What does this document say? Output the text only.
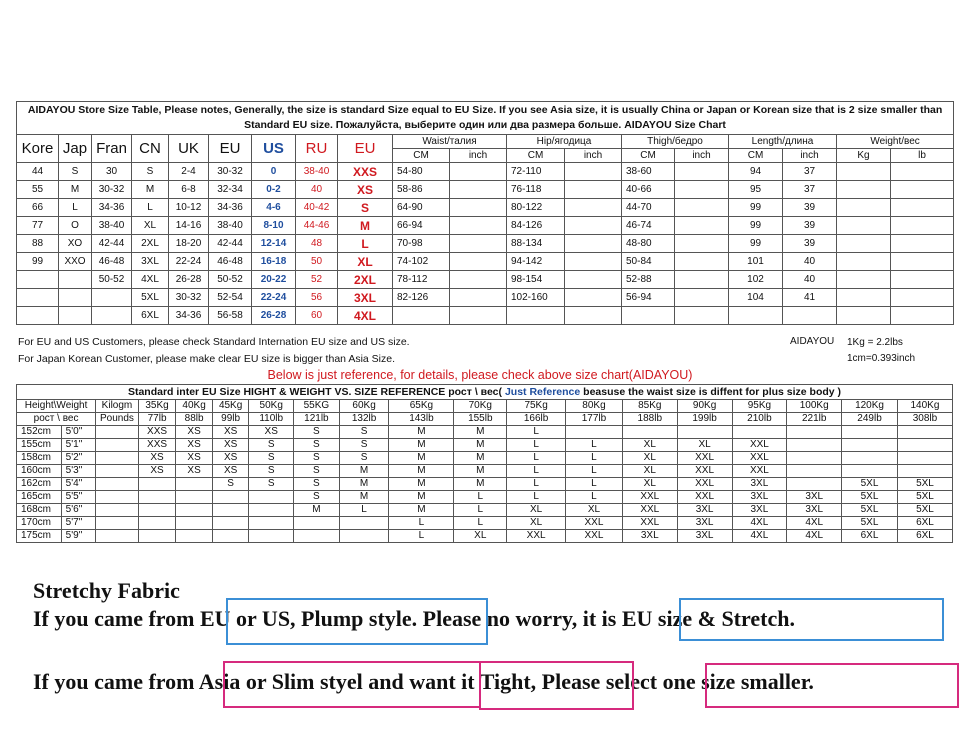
AIDAYOU Store Size Table, Please notes, Generally, the size is standard Size equal to EU Size. If you see Asia size, it is usually China or Japan or Korean size that is 2 size smaller than
Standard EU size. Пожалуйста, выберите один или два размера больше. AIDAYOU Size Chart																		
Kore	Jap	Fran	CN	UK	EU	US	RU	EU	Waist/талия		Hip/ягодица		Thigh/бедро		Length/длина		Weight/вес	
									CM	inch	CM	inch	CM	inch	CM	inch	Kg	lb
44	S	30	S	2-4	30-32	0	38-40	XXS	54-80		72-110		38-60		94	37		
55	M	30-32	M	6-8	32-34	0-2	40	XS	58-86		76-118		40-66		95	37		
66	L	34-36	L	10-12	34-36	4-6	40-42	S	64-90		80-122		44-70		99	39		
77	O	38-40	XL	14-16	38-40	8-10	44-46	M	66-94		84-126		46-74		99	39		
88	XO	42-44	2XL	18-20	42-44	12-14	48	L	70-98		88-134		48-80		99	39		
99	XXO	46-48	3XL	22-24	46-48	16-18	50	XL	74-102		94-142		50-84		101	40		
		50-52	4XL	26-28	50-52	20-22	52	2XL	78-112		98-154		52-88		102	40		
			5XL	30-32	52-54	22-24	56	3XL	82-126		102-160		56-94		104	41		
			6XL	34-36	56-58	26-28	60	4XL										
For EU and US Customers, please check Standard Internation EU size and US size.
For Japan Korean Customer, please make clear EU size is bigger than Asia Size.
AIDAYOU 1Kg = 2.2lbs
1cm=0.393inch
Below is just reference, for details, please check above size chart(AIDAYOU)
Standard inter EU Size HIGHT & WEIGHT VS. SIZE REFERENCE рост \ вес( Just Reference beasuse the waist size is diffent for plus size body )																		
Height\Weight		Kilogm	35Kg	40Kg	45Kg	50Kg	55KG	60Kg	65Kg	70Kg	75Kg	80Kg	85Kg	90Kg	95Kg	100Kg	120Kg	140Kg
рост \ вес		Pounds	77lb	88lb	99lb	110lb	121lb	132lb	143lb	155lb	166lb	177lb	188lb	199lb	210lb	221lb	249lb	308lb
152cm	5'0''		XXS	XS	XS	XS	S	S	M	M	L							
155cm	5'1"		XXS	XS	XS	S	S	S	M	M	L	L	XL	XL	XXL			
158cm	5'2"		XS	XS	XS	S	S	S	M	M	L	L	XL	XXL	XXL			
160cm	5'3"		XS	XS	XS	S	S	M	M	M	L	L	XL	XXL	XXL			
162cm	5'4"				S	S	S	M	M	M	L	L	XL	XXL	3XL		5XL	5XL
165cm	5'5"						S	M	M	L	L	L	XXL	XXL	3XL	3XL	5XL	5XL
168cm	5'6"						M	L	M	L	XL	XL	XXL	3XL	3XL	3XL	5XL	5XL
170cm	5'7"								L	L	XL	XXL	XXL	3XL	4XL	4XL	5XL	6XL
175cm	5'9"								L	XL	XXL	XXL	3XL	3XL	4XL	4XL	6XL	6XL
Stretchy Fabric
If you came from EU or US, Plump style. Please no worry, it is EU size & Stretch.
If you came from Asia or Slim styel and want it Tight, Please select one size smaller.
